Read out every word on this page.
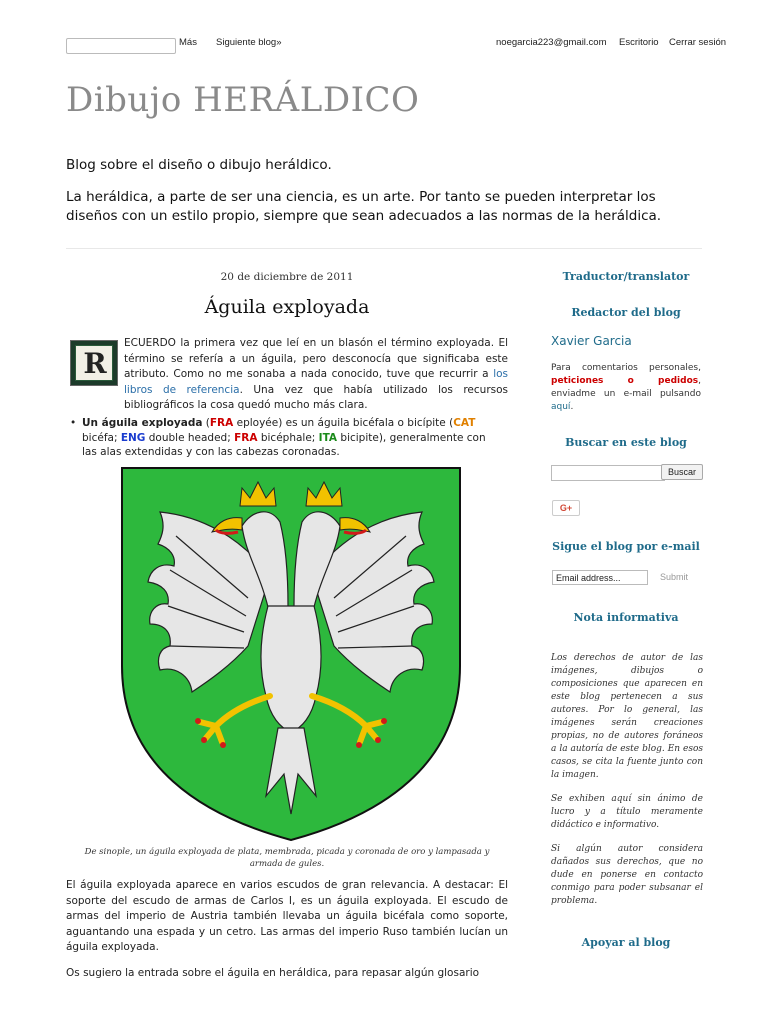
Más Siguiente blog»	noegarcia223@gmail.com Escritorio Cerrar sesión
Dibujo HERÁLDICO

Blog sobre el diseño o dibujo heráldico.

La heráldica, a parte de ser una ciencia, es un arte. Por tanto se pueden interpretar los diseños con un estilo propio, siempre que sean adecuados a las normas de la heráldica.

20 de diciembre de 2011
Águila exployada
R
ECUERDO la primera vez que leí en un blasón el término exployada. El término se refería a un águila, pero desconocía que significaba este atributo. Como no me sonaba a nada conocido, tuve que recurrir a los libros de referencia. Una vez que había utilizado los recursos bibliográficos la cosa quedó mucho más clara.
• Un águila exployada (FRA eployée) es un águila bicéfala o bicípite (CAT bicéfa; ENG double headed; FRA bicéphale; ITA bicipite), generalmente con las alas extendidas y con las cabezas coronadas.
De sinople, un águila exployada de plata, membrada, picada y coronada de oro y lampasada y armada de gules.
El águila exployada aparece en varios escudos de gran relevancia. A destacar: El soporte del escudo de armas de Carlos I, es un águila exployada. El escudo de armas del imperio de Austria también llevaba un águila bicéfala como soporte, aguantando una espada y un cetro. Las armas del imperio Ruso también lucían un águila exployada.
Os sugiero la entrada sobre el águila en heráldica, para repasar algún glosario
Traductor/translator
Redactor del blog
Xavier Garcia
Para comentarios personales, peticiones o pedidos, enviadme un e-mail pulsando aquí.
Buscar en este blog
Buscar
G+
Sigue el blog por e-mail
Email address...	Submit
Nota informativa

Los derechos de autor de las imágenes, dibujos o composiciones que aparecen en este blog pertenecen a sus autores. Por lo general, las imágenes serán creaciones propias, no de autores foráneos a la autoría de este blog. En esos casos, se cita la fuente junto con la imagen.

Se exhiben aquí sin ánimo de lucro y a título meramente didáctico e informativo.

Si algún autor considera dañados sus derechos, que no dude en ponerse en contacto conmigo para poder subsanar el problema.

Apoyar al blog
